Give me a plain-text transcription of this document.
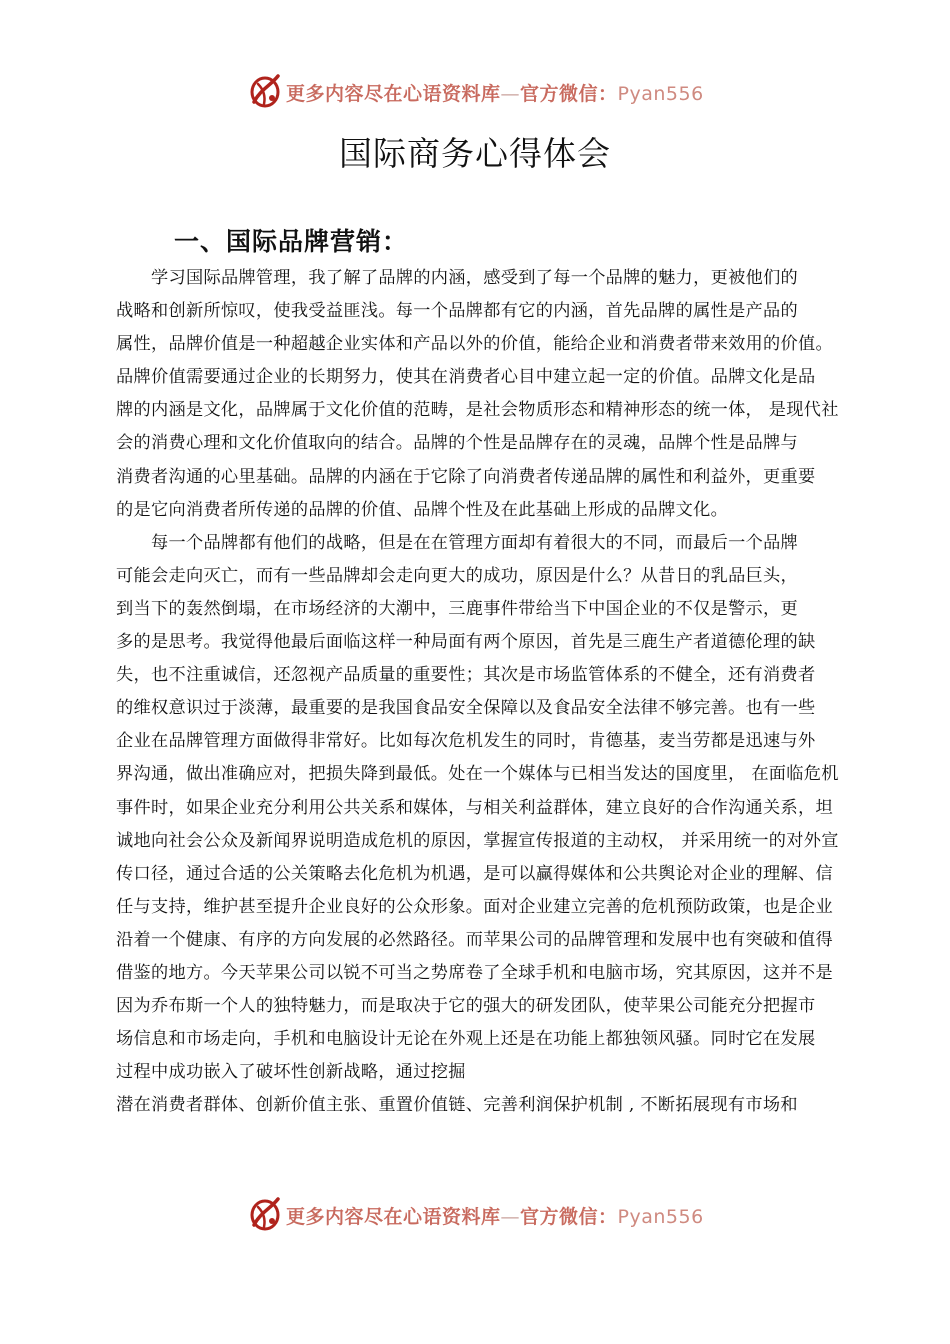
更多内容尽在心语资料库—官方微信：Pyan556
国际商务心得体会
一、国际品牌营销：
学习国际品牌管理，我了解了品牌的内涵，感受到了每一个品牌的魅力，更被他们的
战略和创新所惊叹，使我受益匪浅。每一个品牌都有它的内涵，首先品牌的属性是产品的
属性，品牌价值是一种超越企业实体和产品以外的价值，能给企业和消费者带来效用的价值。
品牌价值需要通过企业的长期努力，使其在消费者心目中建立起一定的价值。品牌文化是品
牌的内涵是文化，品牌属于文化价值的范畴，是社会物质形态和精神形态的统一体， 是现代社
会的消费心理和文化价值取向的结合。品牌的个性是品牌存在的灵魂，品牌个性是品牌与
消费者沟通的心里基础。品牌的内涵在于它除了向消费者传递品牌的属性和利益外，更重要
的是它向消费者所传递的品牌的价值、品牌个性及在此基础上形成的品牌文化。
每一个品牌都有他们的战略，但是在在管理方面却有着很大的不同，而最后一个品牌
可能会走向灭亡，而有一些品牌却会走向更大的成功，原因是什么？从昔日的乳品巨头，
到当下的轰然倒塌，在市场经济的大潮中，三鹿事件带给当下中国企业的不仅是警示，更
多的是思考。我觉得他最后面临这样一种局面有两个原因，首先是三鹿生产者道德伦理的缺
失，也不注重诚信，还忽视产品质量的重要性；其次是市场监管体系的不健全，还有消费者
的维权意识过于淡薄，最重要的是我国食品安全保障以及食品安全法律不够完善。也有一些
企业在品牌管理方面做得非常好。比如每次危机发生的同时，肯德基，麦当劳都是迅速与外
界沟通，做出准确应对，把损失降到最低。处在一个媒体与已相当发达的国度里， 在面临危机
事件时，如果企业充分利用公共关系和媒体，与相关利益群体，建立良好的合作沟通关系，坦
诚地向社会公众及新闻界说明造成危机的原因，掌握宣传报道的主动权， 并采用统一的对外宣
传口径，通过合适的公关策略去化危机为机遇，是可以赢得媒体和公共舆论对企业的理解、信
任与支持，维护甚至提升企业良好的公众形象。面对企业建立完善的危机预防政策，也是企业
沿着一个健康、有序的方向发展的必然路径。而苹果公司的品牌管理和发展中也有突破和值得
借鉴的地方。今天苹果公司以锐不可当之势席卷了全球手机和电脑市场，究其原因，这并不是
因为乔布斯一个人的独特魅力，而是取决于它的强大的研发团队，使苹果公司能充分把握市
场信息和市场走向，手机和电脑设计无论在外观上还是在功能上都独领风骚。同时它在发展
过程中成功嵌入了破坏性创新战略，通过挖掘
潜在消费者群体、创新价值主张、重置价值链、完善利润保护机制 , 不断拓展现有市场和
更多内容尽在心语资料库—官方微信：Pyan556
